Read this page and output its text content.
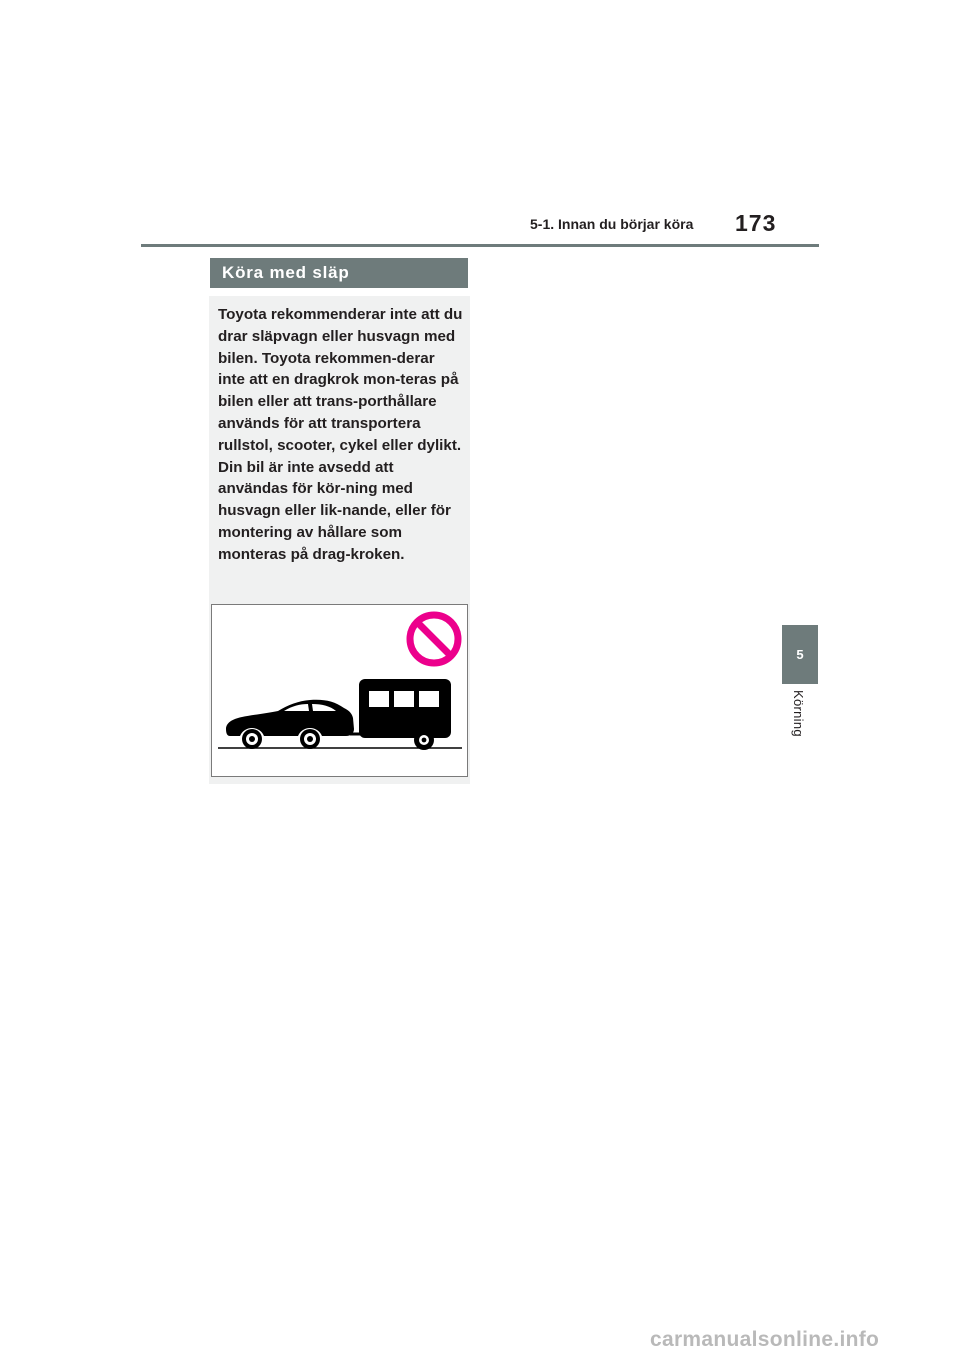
5-1. Innan du börjar köra 173
5
Körning
Köra med släp

Toyota rekommenderar inte att du drar släpvagn eller husvagn med bilen. Toyota rekommen-derar inte att en dragkrok mon-teras på bilen eller att trans-porthållare används för att transportera rullstol, scooter, cykel eller dylikt. Din bil är inte avsedd att användas för kör-ning med husvagn eller lik-nande, eller för montering av hållare som monteras på drag-kroken.

carmanualsonline.info
